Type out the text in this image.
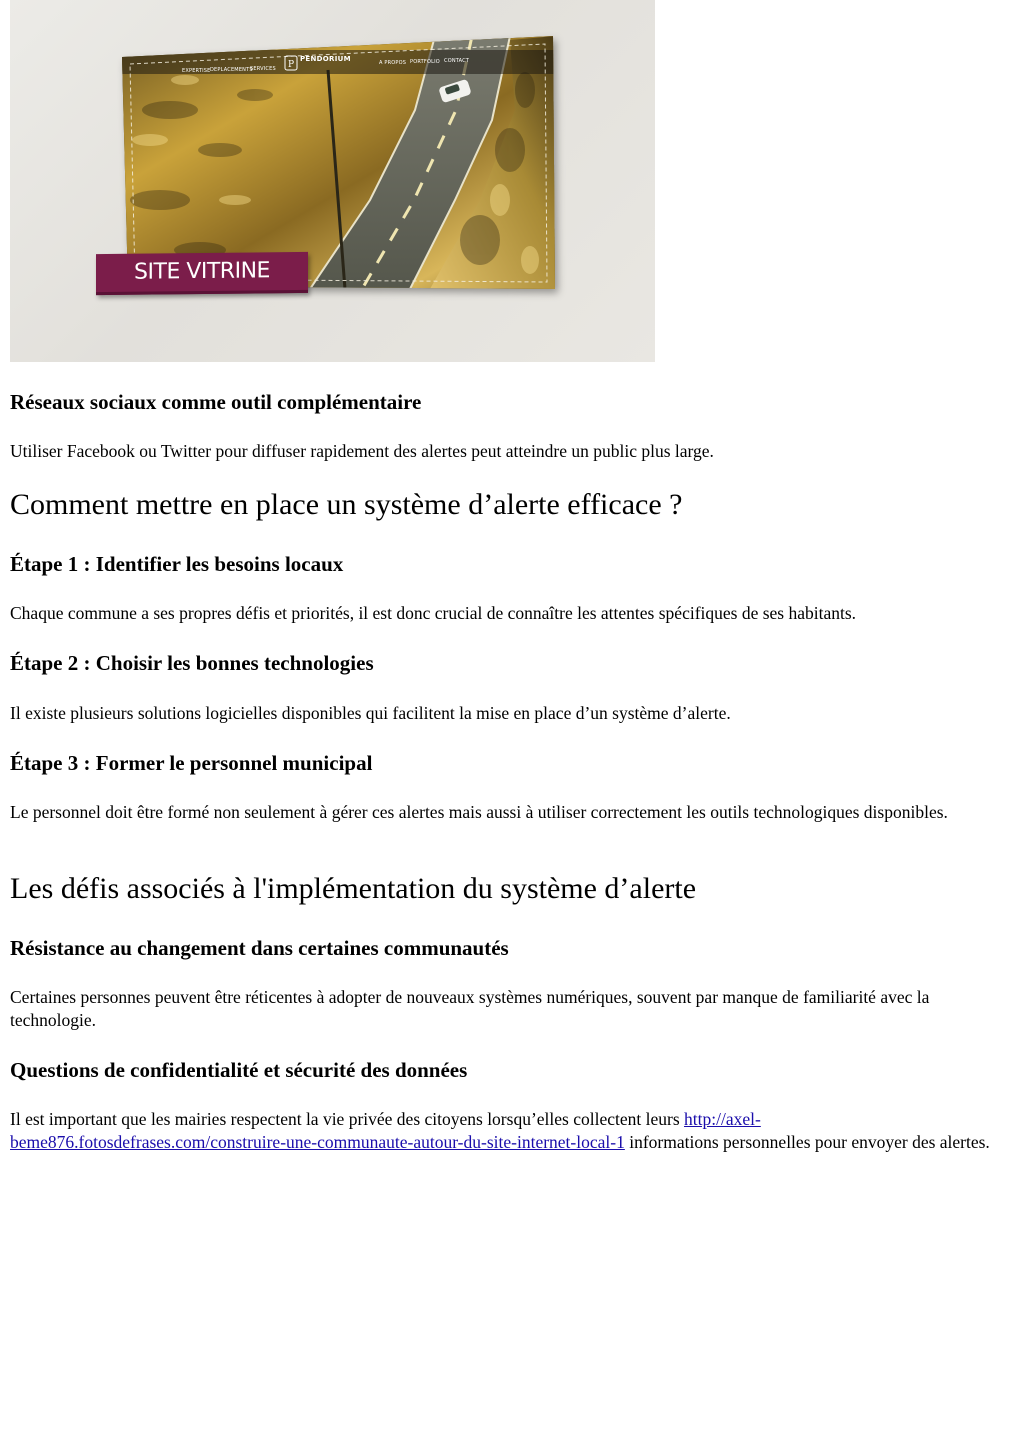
P
EXPERTISE DEPLACEMENTS
SERVICES
A PROPOS PORTFOLIO CONTACT
PENDORIUM
SITE VITRINE
Réseaux sociaux comme outil complémentaire

Utiliser Facebook ou Twitter pour diffuser rapidement des alertes peut atteindre un public plus large.

Comment mettre en place un système d’alerte efficace ?
Étape 1 : Identifier les besoins locaux

Chaque commune a ses propres défis et priorités, il est donc crucial de connaître les attentes spécifiques de ses habitants.

Étape 2 : Choisir les bonnes technologies

Il existe plusieurs solutions logicielles disponibles qui facilitent la mise en place d’un système d’alerte.

Étape 3 : Former le personnel municipal

Le personnel doit être formé non seulement à gérer ces alertes mais aussi à utiliser correctement les outils technologiques disponibles.

Les défis associés à l'implémentation du système d’alerte
Résistance au changement dans certaines communautés

Certaines personnes peuvent être réticentes à adopter de nouveaux systèmes numériques, souvent par manque de familiarité avec la technologie.

Questions de confidentialité et sécurité des données

Il est important que les mairies respectent la vie privée des citoyens lorsqu’elles collectent leurs http://axel-beme876.fotosdefrases.com/construire-une-communaute-autour-du-site-internet-local-1 informations personnelles pour envoyer des alertes.
